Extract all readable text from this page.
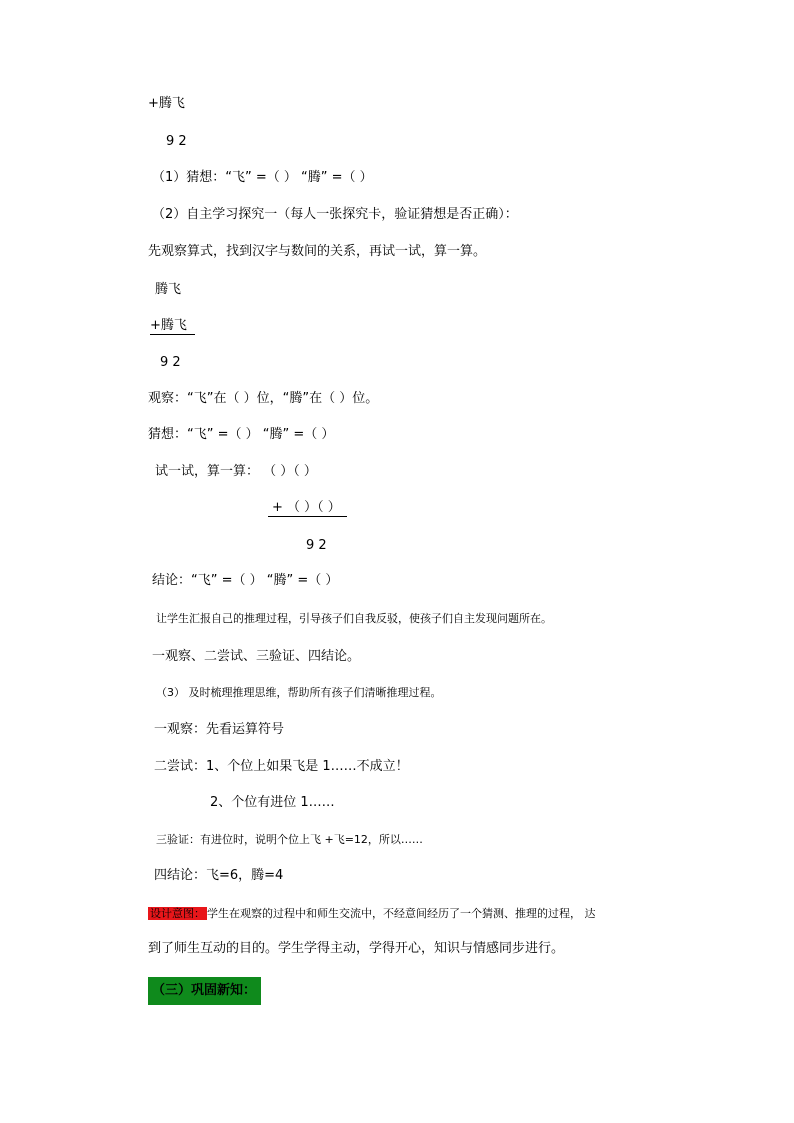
+腾飞
9 2
（1）猜想：“飞” =（ ） “腾” =（ ）
（2）自主学习探究一（每人一张探究卡，验证猜想是否正确）：
先观察算式，找到汉字与数间的关系，再试一试，算一算。
腾飞
+腾飞
9 2
观察：“飞”在（ ）位，“腾”在（ ）位。
猜想：“飞” =（ ） “腾” =（ ）
试一试，算一算： （ ）（ ）
+ （ ）（ ）
9 2
结论：“飞” =（ ） “腾” =（ ）
让学生汇报自己的推理过程，引导孩子们自我反驳，使孩子们自主发现问题所在。
一观察、二尝试、三验证、四结论。
（3） 及时梳理推理思维，帮助所有孩子们清晰推理过程。
一观察：先看运算符号
二尝试：1、个位上如果飞是 1……不成立！
2、个位有进位 1……
三验证：有进位时，说明个位上飞 +飞=12，所以……
四结论：飞=6，腾=4
设计意图： 学生在观察的过程中和师生交流中，不经意间经历了一个猜测、推理的过程， 达
到了师生互动的目的。学生学得主动，学得开心，知识与情感同步进行。
（三）巩固新知：
